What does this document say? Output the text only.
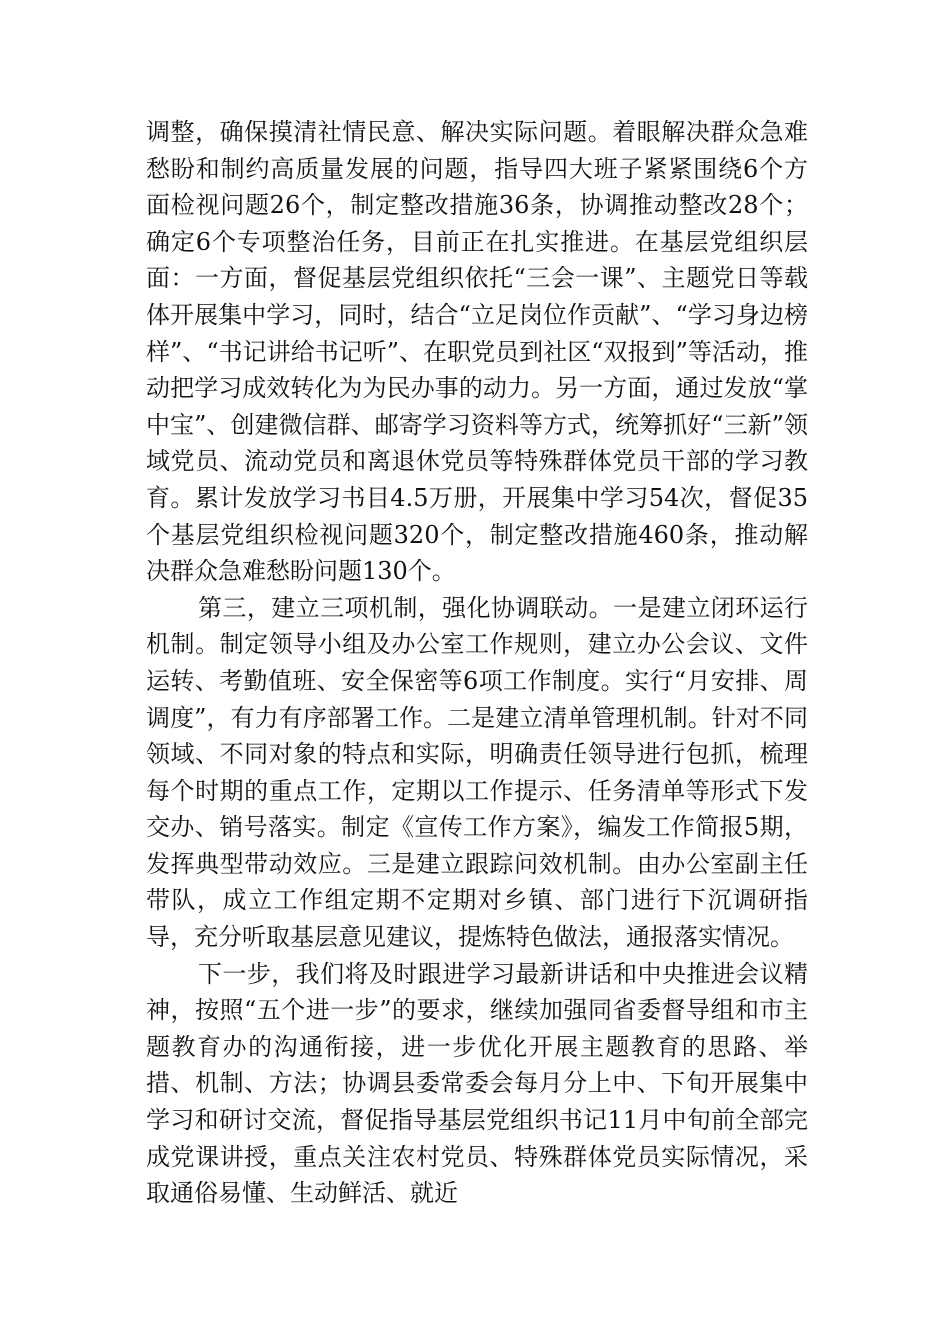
调整，确保摸清社情民意、解决实际问题。着眼解决群众急难愁盼和制约高质量发展的问题，指导四大班子紧紧围绕6个方面检视问题26个，制定整改措施36条，协调推动整改28个；确定6个专项整治任务，目前正在扎实推进。在基层党组织层面：一方面，督促基层党组织依托“三会一课”、主题党日等载体开展集中学习，同时，结合“立足岗位作贡献”、“学习身边榜样”、“书记讲给书记听”、在职党员到社区“双报到”等活动，推动把学习成效转化为为民办事的动力。另一方面，通过发放“掌中宝”、创建微信群、邮寄学习资料等方式，统筹抓好“三新”领域党员、流动党员和离退休党员等特殊群体党员干部的学习教育。累计发放学习书目4.5万册，开展集中学习54次，督促35个基层党组织检视问题320个，制定整改措施460条，推动解决群众急难愁盼问题130个。

第三，建立三项机制，强化协调联动。一是建立闭环运行机制。制定领导小组及办公室工作规则，建立办公会议、文件运转、考勤值班、安全保密等6项工作制度。实行“月安排、周调度”，有力有序部署工作。二是建立清单管理机制。针对不同领域、不同对象的特点和实际，明确责任领导进行包抓，梳理每个时期的重点工作，定期以工作提示、任务清单等形式下发交办、销号落实。制定《宣传工作方案》，编发工作简报5期，发挥典型带动效应。三是建立跟踪问效机制。由办公室副主任带队，成立工作组定期不定期对乡镇、部门进行下沉调研指导，充分听取基层意见建议，提炼特色做法，通报落实情况。

下一步，我们将及时跟进学习最新讲话和中央推进会议精神，按照“五个进一步”的要求，继续加强同省委督导组和市主题教育办的沟通衔接，进一步优化开展主题教育的思路、举措、机制、方法；协调县委常委会每月分上中、下旬开展集中学习和研讨交流，督促指导基层党组织书记11月中旬前全部完成党课讲授，重点关注农村党员、特殊群体党员实际情况，采取通俗易懂、生动鲜活、就近
